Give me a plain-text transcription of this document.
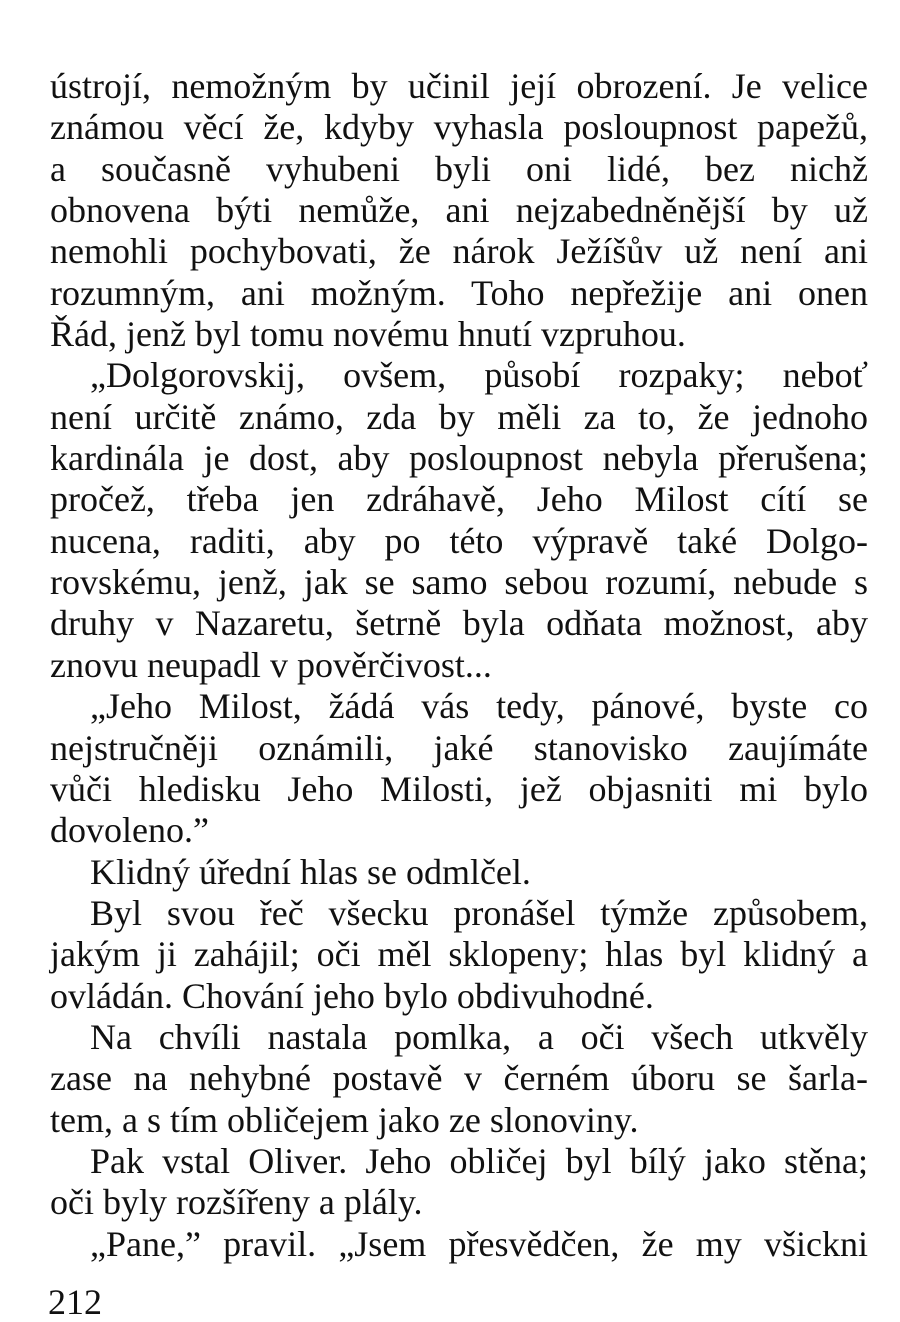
ústrojí, nemožným by učinil její obrození. Je velice
známou věcí že, kdyby vyhasla posloupnost papežů,
a současně vyhubeni byli oni lidé, bez nichž
obnovena býti nemůže, ani nejzabedněnější by už
nemohli pochybovati, že nárok Ježíšův už není ani
rozumným, ani možným. Toho nepřežije ani onen
Řád, jenž byl tomu novému hnutí vzpruhou.
„Dolgorovskij, ovšem, působí rozpaky; neboť
není určitě známo, zda by měli za to, že jednoho
kardinála je dost, aby posloupnost nebyla přerušena;
pročež, třeba jen zdráhavě, Jeho Milost cítí se
nucena, raditi, aby po této výpravě také Dolgo-
rovskému, jenž, jak se samo sebou rozumí, nebude s
druhy v Nazaretu, šetrně byla odňata možnost, aby
znovu neupadl v pověrčivost...
„Jeho Milost, žádá vás tedy, pánové, byste co
nejstručněji oznámili, jaké stanovisko zaujímáte
vůči hledisku Jeho Milosti, jež objasniti mi bylo
dovoleno.”
Klidný úřední hlas se odmlčel.
Byl svou řeč všecku pronášel týmže způsobem,
jakým ji zahájil; oči měl sklopeny; hlas byl klidný a
ovládán. Chování jeho bylo obdivuhodné.
Na chvíli nastala pomlka, a oči všech utkvěly
zase na nehybné postavě v černém úboru se šarla-
tem, a s tím obličejem jako ze slonoviny.
Pak vstal Oliver. Jeho obličej byl bílý jako stěna;
oči byly rozšířeny a plály.
„Pane,” pravil. „Jsem přesvědčen, že my všickni
212
